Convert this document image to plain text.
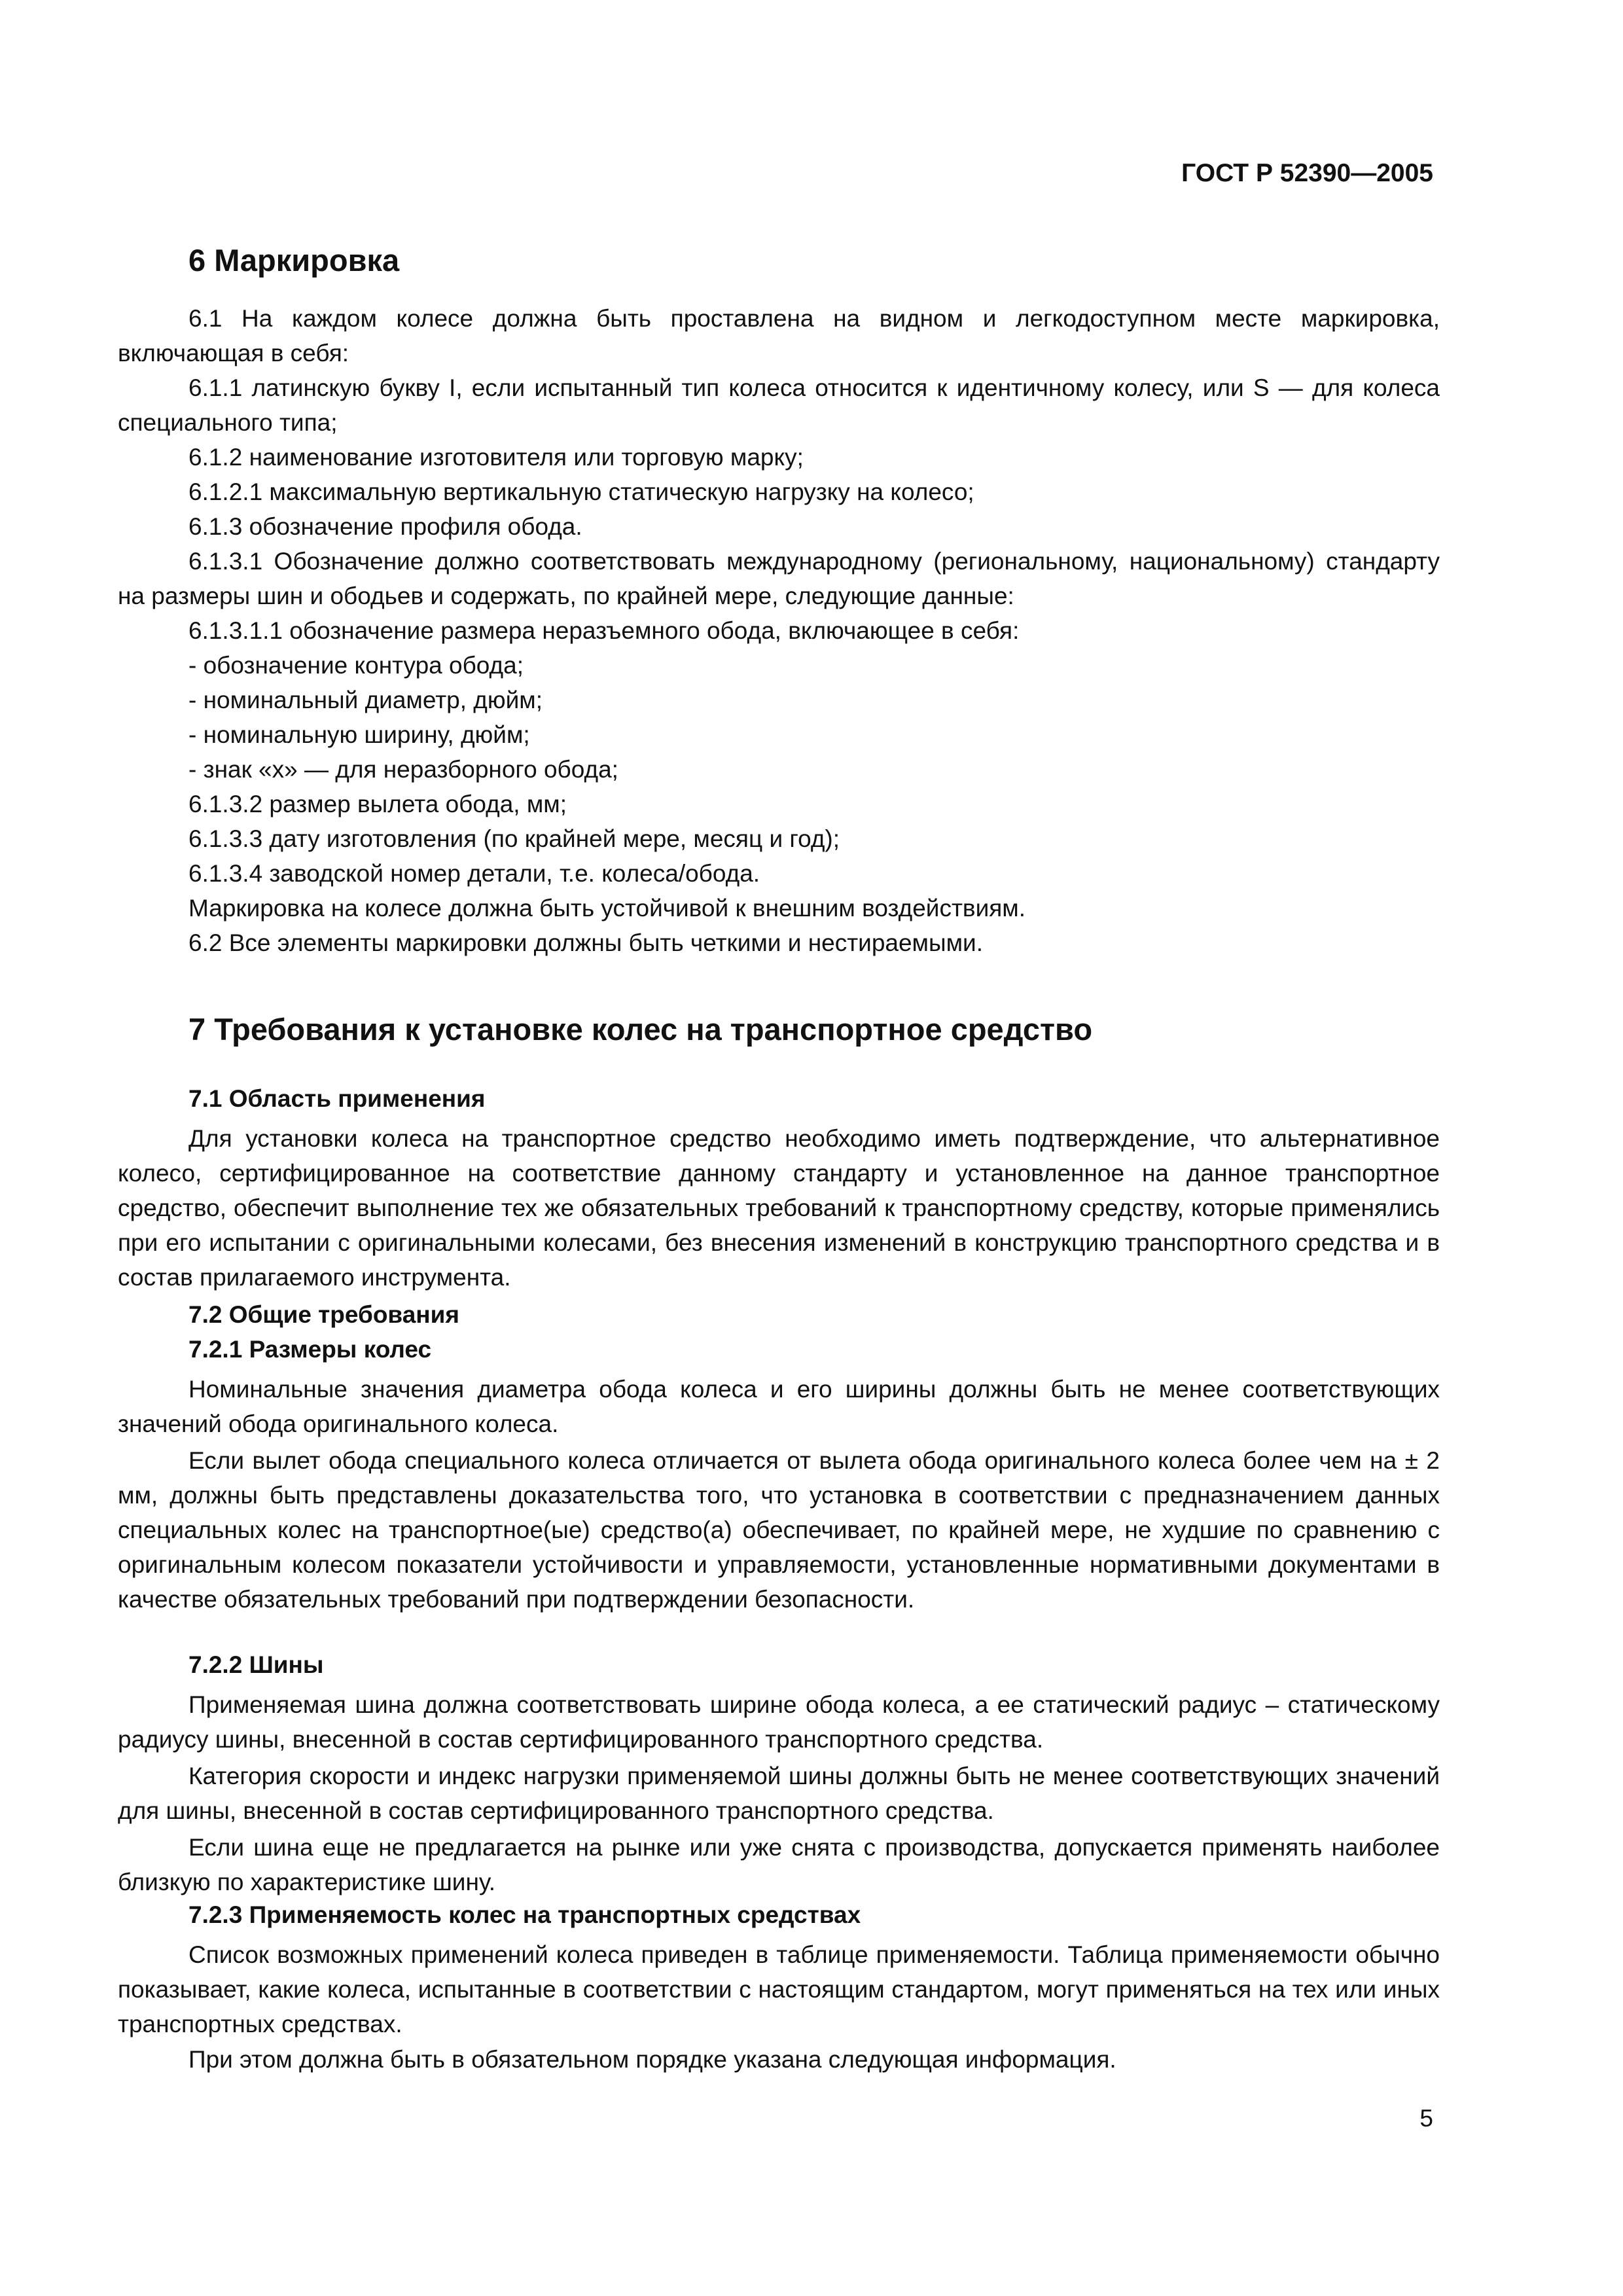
ГОСТ Р 52390—2005
6 Маркировка
6.1 На каждом колесе должна быть проставлена на видном и легкодоступном месте маркировка, включающая в себя:
6.1.1 латинскую букву I, если испытанный тип колеса относится к идентичному колесу, или S — для колеса специального типа;
6.1.2 наименование изготовителя или торговую марку;
6.1.2.1 максимальную вертикальную статическую нагрузку на колесо;
6.1.3 обозначение профиля обода.
6.1.3.1 Обозначение должно соответствовать международному (региональному, национальному) стандарту на размеры шин и ободьев и содержать, по крайней мере, следующие данные:
6.1.3.1.1 обозначение размера неразъемного обода, включающее в себя:
- обозначение контура обода;
- номинальный диаметр, дюйм;
- номинальную ширину, дюйм;
- знак «х» — для неразборного обода;
6.1.3.2 размер вылета обода, мм;
6.1.3.3 дату изготовления (по крайней мере, месяц и год);
6.1.3.4 заводской номер детали, т.е. колеса/обода.
Маркировка на колесе должна быть устойчивой к внешним воздействиям.
6.2 Все элементы маркировки должны быть четкими и нестираемыми.
7 Требования к установке колес на транспортное средство
7.1 Область применения
Для установки колеса на транспортное средство необходимо иметь подтверждение, что альтернативное колесо, сертифицированное на соответствие данному стандарту и установленное на данное транспортное средство, обеспечит выполнение тех же обязательных требований к транспортному средству, которые применялись при его испытании с оригинальными колесами, без внесения изменений в конструкцию транспортного средства и в состав прилагаемого инструмента.
7.2 Общие требования
7.2.1 Размеры колес
Номинальные значения диаметра обода колеса и его ширины должны быть не менее соответствующих значений обода оригинального колеса.
Если вылет обода специального колеса отличается от вылета обода оригинального колеса более чем на ± 2 мм, должны быть представлены доказательства того, что установка в соответствии с предназначением данных специальных колес на транспортное(ые) средство(а) обеспечивает, по крайней мере, не худшие по сравнению с оригинальным колесом показатели устойчивости и управляемости, установленные нормативными документами в качестве обязательных требований при подтверждении безопасности.
7.2.2 Шины
Применяемая шина должна соответствовать ширине обода колеса, а ее статический радиус – статическому радиусу шины, внесенной в состав сертифицированного транспортного средства.
Категория скорости и индекс нагрузки применяемой шины должны быть не менее соответствующих значений для шины, внесенной в состав сертифицированного транспортного средства.
Если шина еще не предлагается на рынке или уже снята с производства, допускается применять наиболее близкую по характеристике шину.
7.2.3 Применяемость колес на транспортных средствах
Список возможных применений колеса приведен в таблице применяемости. Таблица применяемости обычно показывает, какие колеса, испытанные в соответствии с настоящим стандартом, могут применяться на тех или иных транспортных средствах.
При этом должна быть в обязательном порядке указана следующая информация.
5
